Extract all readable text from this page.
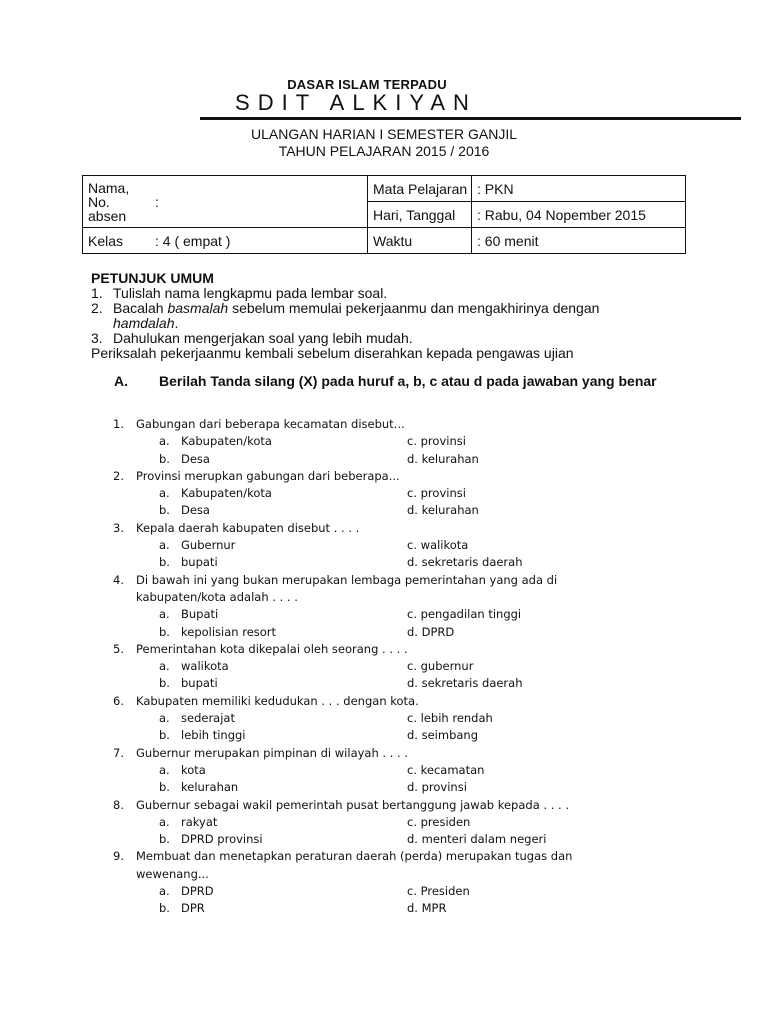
DASAR ISLAM TERPADU
SDIT ALKIYAN
ULANGAN HARIAN I SEMESTER GANJIL
TAHUN PELAJARAN 2015 / 2016
Nama, No. absen	:	Mata Pelajaran	: PKN
		Hari, Tanggal	: Rabu, 04 Nopember 2015
Kelas	: 4 ( empat )	Waktu	: 60 menit
PETUNJUK UMUM
1. Tulislah nama lengkapmu pada lembar soal.
2. Bacalah basmalah sebelum memulai pekerjaanmu dan mengakhirinya dengan
hamdalah.
3. Dahulukan mengerjakan soal yang lebih mudah.
Periksalah pekerjaanmu kembali sebelum diserahkan kepada pengawas ujian
A. Berilah Tanda silang (X) pada huruf a, b, c atau d pada jawaban yang benar
1. Gabungan dari beberapa kecamatan disebut...
a. Kabupaten/kota	c. provinsi
b. Desa	d. kelurahan
2. Provinsi merupkan gabungan dari beberapa...
a. Kabupaten/kota	c. provinsi
b. Desa	d. kelurahan
3. Kepala daerah kabupaten disebut . . . .
a. Gubernur	c. walikota
b. bupati	d. sekretaris daerah
4. Di bawah ini yang bukan merupakan lembaga pemerintahan yang ada di
kabupaten/kota adalah . . . .
a. Bupati	c. pengadilan tinggi
b. kepolisian resort	d. DPRD
5. Pemerintahan kota dikepalai oleh seorang . . . .
a. walikota	c. gubernur
b. bupati	d. sekretaris daerah
6. Kabupaten memiliki kedudukan . . . dengan kota.
a. sederajat	c. lebih rendah
b. lebih tinggi	d. seimbang
7. Gubernur merupakan pimpinan di wilayah . . . .
a. kota	c. kecamatan
b. kelurahan	d. provinsi
8. Gubernur sebagai wakil pemerintah pusat bertanggung jawab kepada . . . .
a. rakyat	c. presiden
b. DPRD provinsi	d. menteri dalam negeri
9. Membuat dan menetapkan peraturan daerah (perda) merupakan tugas dan
wewenang...
a. DPRD	c. Presiden
b. DPR	d. MPR
